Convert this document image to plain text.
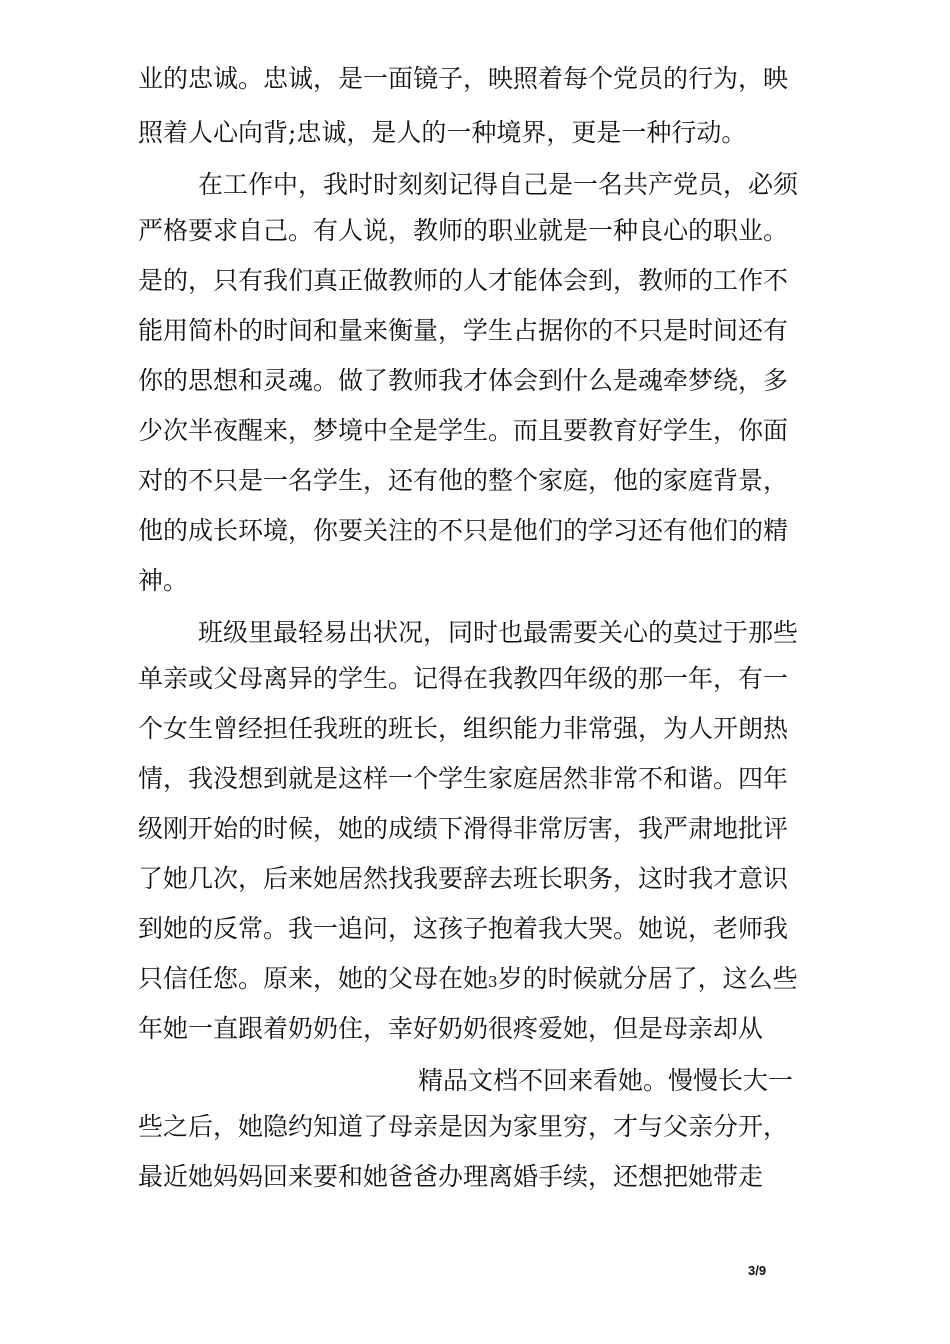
业的忠诚。忠诚，是一面镜子，映照着每个党员的行为，映
照着人心向背;忠诚，是人的一种境界，更是一种行动。
在工作中，我时时刻刻记得自己是一名共产党员，必须
严格要求自己。有人说，教师的职业就是一种良心的职业。
是的，只有我们真正做教师的人才能体会到，教师的工作不
能用简朴的时间和量来衡量，学生占据你的不只是时间还有
你的思想和灵魂。做了教师我才体会到什么是魂牵梦绕，多
少次半夜醒来，梦境中全是学生。而且要教育好学生，你面
对的不只是一名学生，还有他的整个家庭，他的家庭背景，
他的成长环境，你要关注的不只是他们的学习还有他们的精
神。
班级里最轻易出状况，同时也最需要关心的莫过于那些
单亲或父母离异的学生。记得在我教四年级的那一年，有一
个女生曾经担任我班的班长，组织能力非常强，为人开朗热
情，我没想到就是这样一个学生家庭居然非常不和谐。四年
级刚开始的时候，她的成绩下滑得非常厉害，我严肃地批评
了她几次，后来她居然找我要辞去班长职务，这时我才意识
到她的反常。我一追问，这孩子抱着我大哭。她说，老师我
只信任您。原来，她的父母在她3岁的时候就分居了，这么些
年她一直跟着奶奶住，幸好奶奶很疼爱她，但是母亲却从
精品文档不回来看她。慢慢长大一
些之后，她隐约知道了母亲是因为家里穷，才与父亲分开，
最近她妈妈回来要和她爸爸办理离婚手续，还想把她带走
3/9
